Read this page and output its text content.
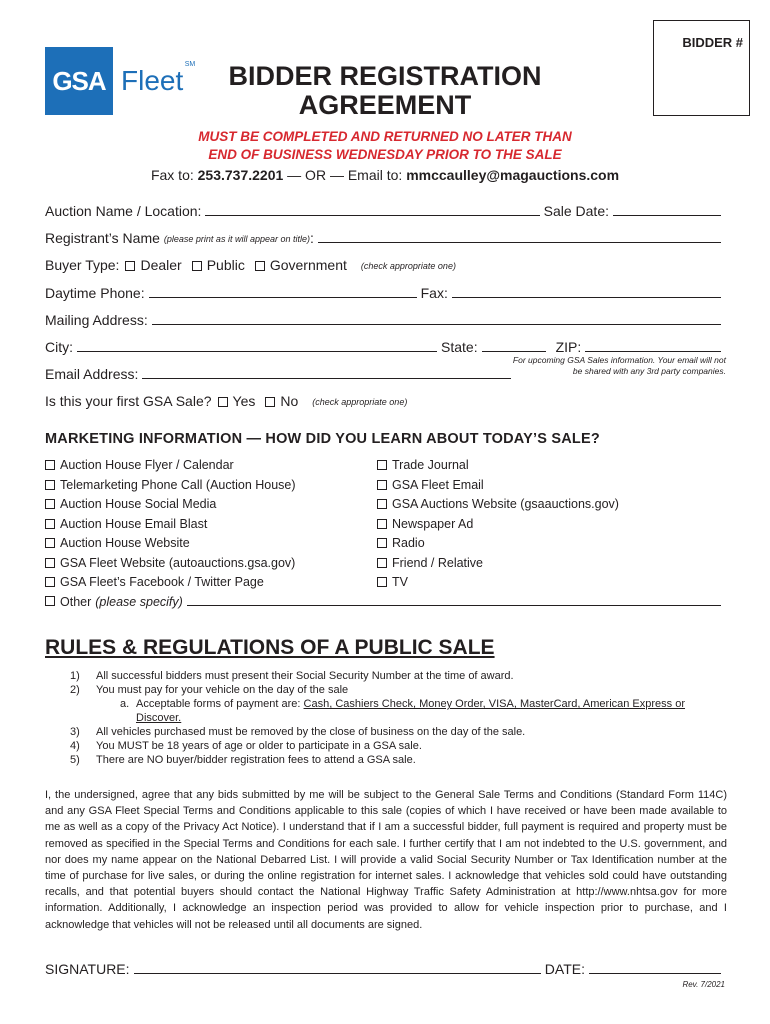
GSA Fleet
SM BIDDER REGISTRATION
AGREEMENT
BIDDER #
MUST BE COMPLETED AND RETURNED NO LATER THAN
END OF BUSINESS WEDNESDAY PRIOR TO THE SALE
Fax to: 253.737.2201 — OR — Email to: mmccaulley@magauctions.com
Auction Name / Location:	Sale Date:
Registrant’s Name (please print as it will appear on title) :
Buyer Type:	Dealer	Public	Government (check appropriate one)
Daytime Phone:	Fax:
Mailing Address:
City:	State:	ZIP:
Email Address:
For upcoming GSA Sales information. Your email will not be shared with any 3rd party companies.
Is this your first GSA Sale?	Yes	No (check appropriate one)
MARKETING INFORMATION — HOW DID YOU LEARN ABOUT TODAY’S SALE?
Auction House Flyer / Calendar
Telemarketing Phone Call (Auction House)
Auction House Social Media
Auction House Email Blast
Auction House Website
GSA Fleet Website (autoauctions.gsa.gov)
GSA Fleet’s Facebook / Twitter Page
Trade Journal
GSA Fleet Email
GSA Auctions Website (gsaauctions.gov)
Newspaper Ad
Radio
Friend / Relative
TV
Other (please specify)
RULES & REGULATIONS OF A PUBLIC SALE
1)	All successful bidders must present their Social Security Number at the time of award.
2)	You must pay for your vehicle on the day of the sale
a. Acceptable forms of payment are: Cash, Cashiers Check, Money Order, VISA, MasterCard, American Express or Discover.
3)	All vehicles purchased must be removed by the close of business on the day of the sale.
4)	You MUST be 18 years of age or older to participate in a GSA sale.
5)	There are NO buyer/bidder registration fees to attend a GSA sale.
I, the undersigned, agree that any bids submitted by me will be subject to the General Sale Terms and Conditions (Standard Form 114C) and any GSA Fleet Special Terms and Conditions applicable to this sale (copies of which I have received or have been made available to me as well as a copy of the Privacy Act Notice). I understand that if I am a successful bidder, full payment is required and property must be removed as specified in the Special Terms and Conditions for each sale. I further certify that I am not indebted to the U.S. government, and nor does my name appear on the National Debarred List. I will provide a valid Social Security Number or Tax Identification number at the time of purchase for live sales, or during the online registration for internet sales. I acknowledge that vehicles sold could have outstanding recalls, and that potential buyers should contact the National Highway Traffic Safety Administration at http://www.nhtsa.gov for more information. Additionally, I acknowledge an inspection period was provided to allow for vehicle inspection prior to purchase, and I acknowledge that vehicles will not be released until all documents are signed.
SIGNATURE:	DATE:
Rev. 7/2021
